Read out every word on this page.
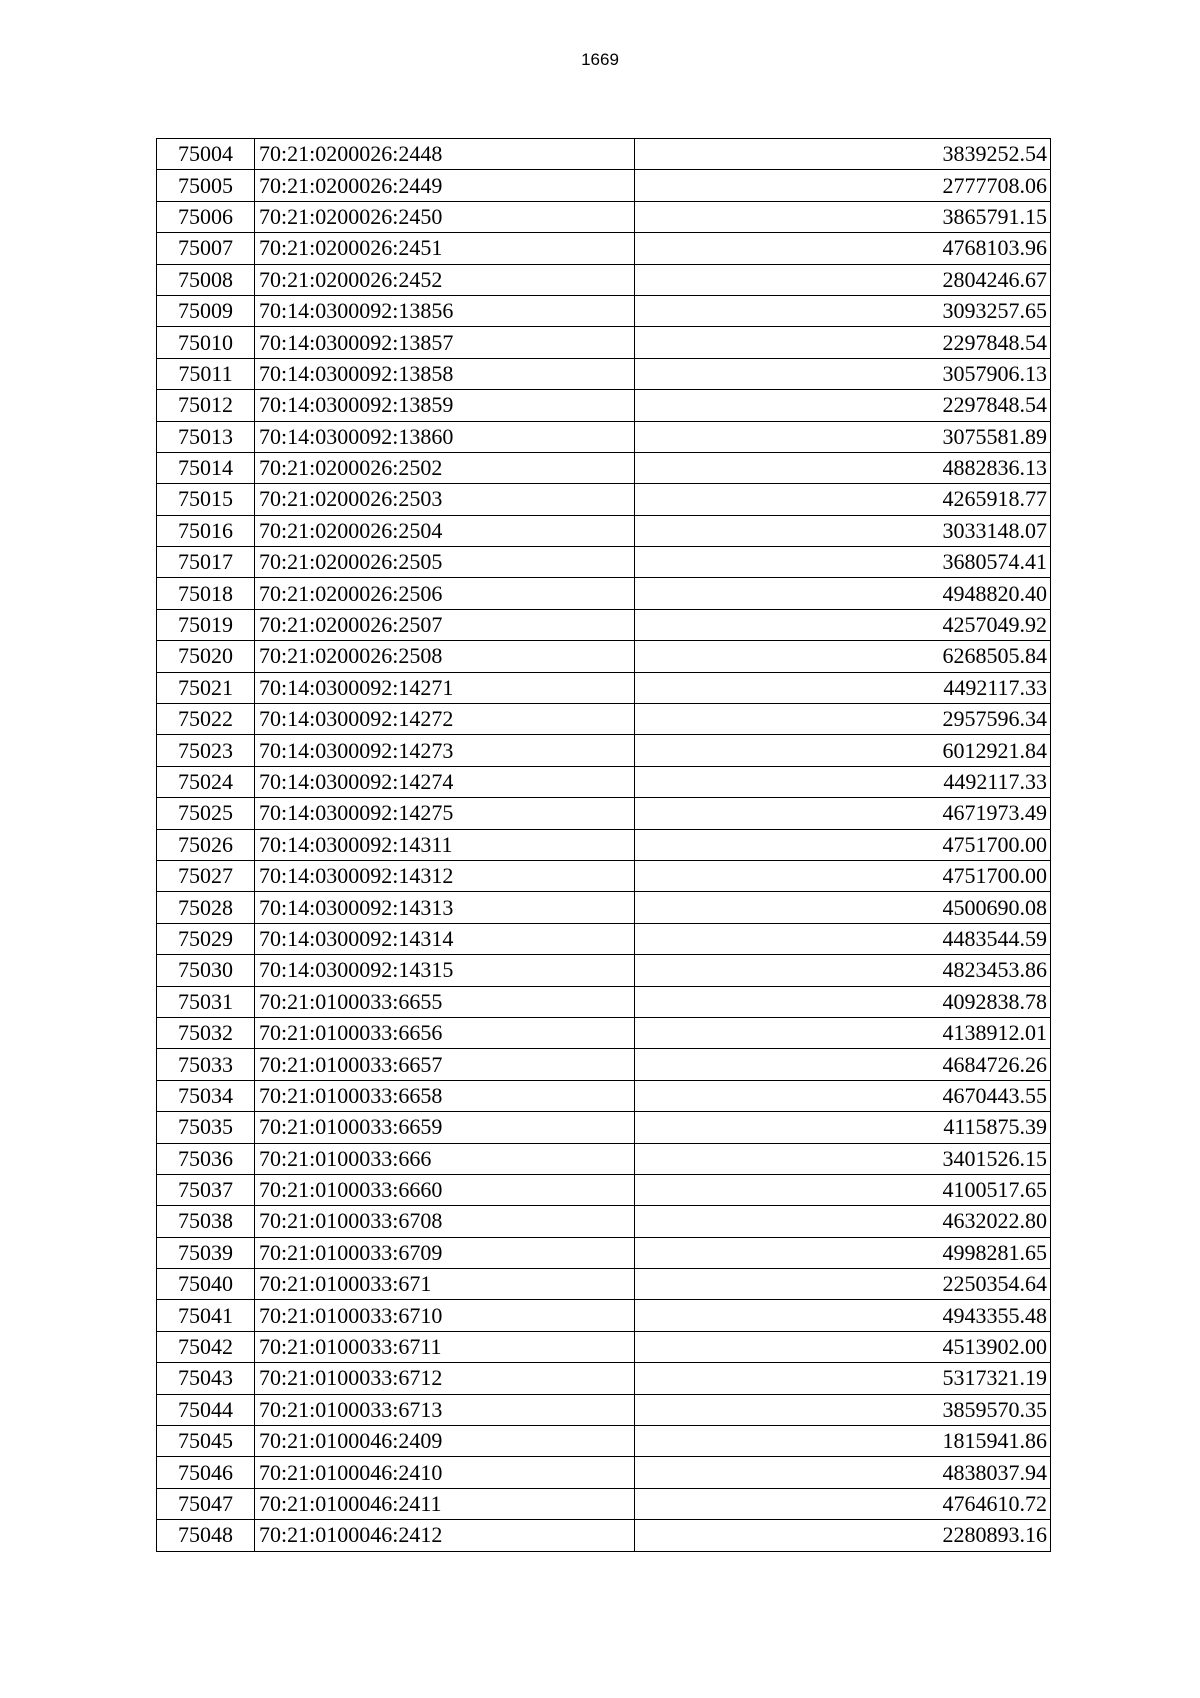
1669
75004	70:21:0200026:2448	3839252.54
75005	70:21:0200026:2449	2777708.06
75006	70:21:0200026:2450	3865791.15
75007	70:21:0200026:2451	4768103.96
75008	70:21:0200026:2452	2804246.67
75009	70:14:0300092:13856	3093257.65
75010	70:14:0300092:13857	2297848.54
75011	70:14:0300092:13858	3057906.13
75012	70:14:0300092:13859	2297848.54
75013	70:14:0300092:13860	3075581.89
75014	70:21:0200026:2502	4882836.13
75015	70:21:0200026:2503	4265918.77
75016	70:21:0200026:2504	3033148.07
75017	70:21:0200026:2505	3680574.41
75018	70:21:0200026:2506	4948820.40
75019	70:21:0200026:2507	4257049.92
75020	70:21:0200026:2508	6268505.84
75021	70:14:0300092:14271	4492117.33
75022	70:14:0300092:14272	2957596.34
75023	70:14:0300092:14273	6012921.84
75024	70:14:0300092:14274	4492117.33
75025	70:14:0300092:14275	4671973.49
75026	70:14:0300092:14311	4751700.00
75027	70:14:0300092:14312	4751700.00
75028	70:14:0300092:14313	4500690.08
75029	70:14:0300092:14314	4483544.59
75030	70:14:0300092:14315	4823453.86
75031	70:21:0100033:6655	4092838.78
75032	70:21:0100033:6656	4138912.01
75033	70:21:0100033:6657	4684726.26
75034	70:21:0100033:6658	4670443.55
75035	70:21:0100033:6659	4115875.39
75036	70:21:0100033:666	3401526.15
75037	70:21:0100033:6660	4100517.65
75038	70:21:0100033:6708	4632022.80
75039	70:21:0100033:6709	4998281.65
75040	70:21:0100033:671	2250354.64
75041	70:21:0100033:6710	4943355.48
75042	70:21:0100033:6711	4513902.00
75043	70:21:0100033:6712	5317321.19
75044	70:21:0100033:6713	3859570.35
75045	70:21:0100046:2409	1815941.86
75046	70:21:0100046:2410	4838037.94
75047	70:21:0100046:2411	4764610.72
75048	70:21:0100046:2412	2280893.16
